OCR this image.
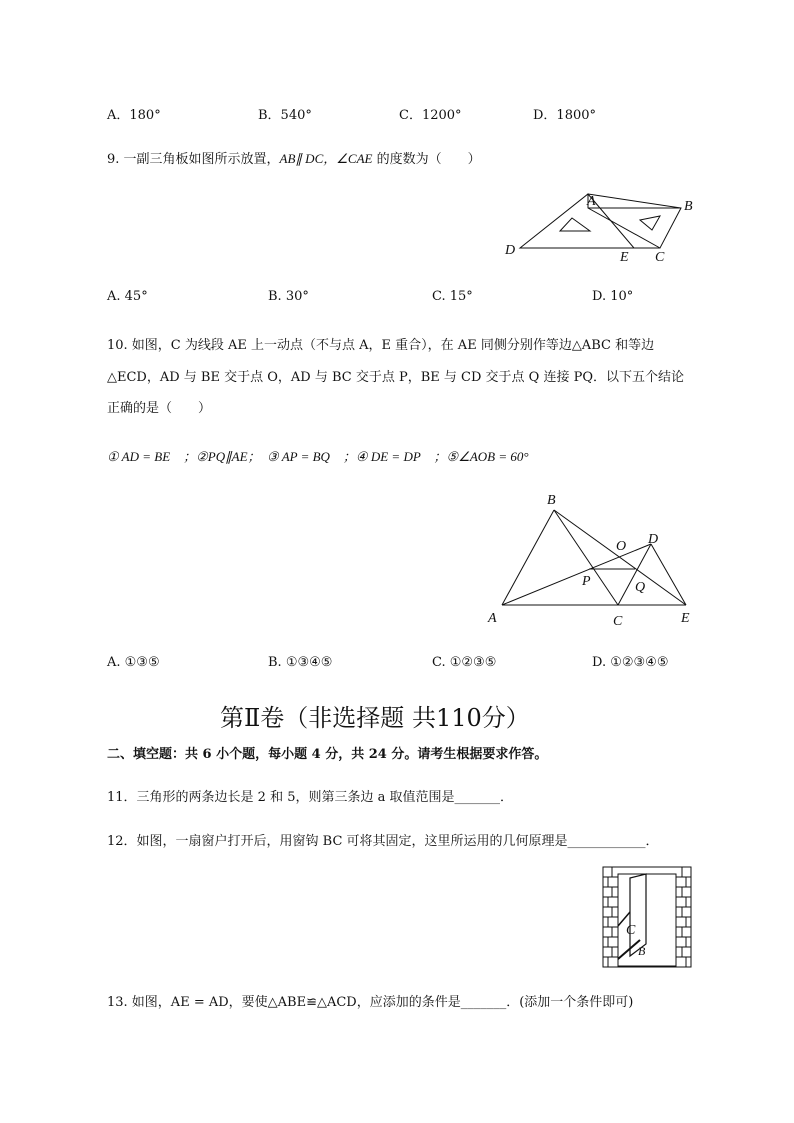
A．180°	B．540°	C．1200°	D．1800°
9. 一副三角板如图所示放置，AB∥ DC，∠CAE 的度数为（　　）
A	B
C
D	E
A. 45°	B. 30°	C. 15°	D. 10°
10. 如图，C 为线段 AE 上一动点（不与点 A，E 重合），在 AE 同侧分别作等边△ABC 和等边
△ECD，AD 与 BE 交于点 O，AD 与 BC 交于点 P，BE 与 CD 交于点 Q 连接 PQ．以下五个结论
正确的是（　　）
① AD = BE　；②PQ∥AE；　③ AP = BQ　；④ DE = DP　；⑤∠AOB = 60°
A
B
C
D
E
O
P	Q
A. ①③⑤	B. ①③④⑤	C. ①②③⑤	D. ①②③④⑤
第Ⅱ卷（非选择题 共110分）
二、填空题：共 6 小个题，每小题 4 分，共 24 分。请考生根据要求作答。
11．三角形的两条边长是 2 和 5，则第三条边 a 取值范围是_______．
12．如图，一扇窗户打开后，用窗钩 BC 可将其固定，这里所运用的几何原理是____________．
C
B
13. 如图，AE = AD，要使△ABE≌△ACD，应添加的条件是_______．(添加一个条件即可)
